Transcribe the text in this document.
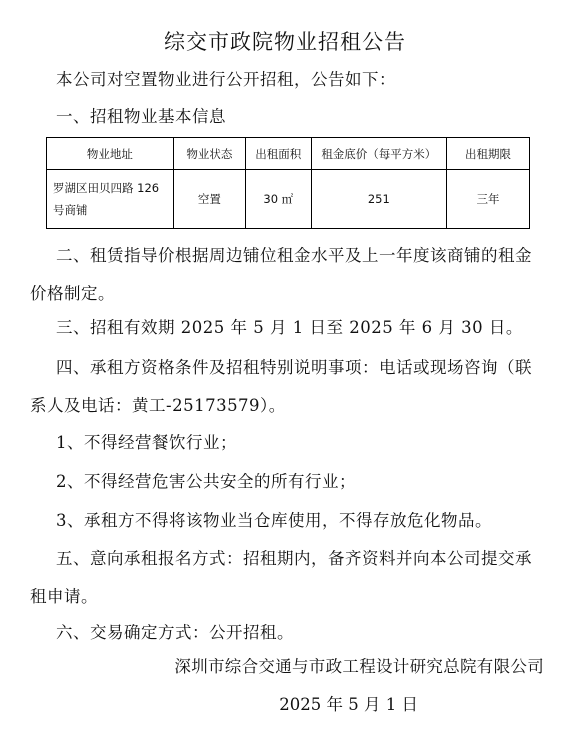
综交市政院物业招租公告
本公司对空置物业进行公开招租，公告如下：
一、招租物业基本信息
物业地址	物业状态	出租面积	租金底价（每平方米）	出租期限
罗湖区田贝四路 126 号商铺	空置	30 ㎡	251	三年
二、租赁指导价根据周边铺位租金水平及上一年度该商铺的租金价格制定。
三、招租有效期 2025 年 5 月 1 日至 2025 年 6 月 30 日。
四、承租方资格条件及招租特别说明事项：电话或现场咨询（联系人及电话：黄工-25173579）。
1、不得经营餐饮行业；
2、不得经营危害公共安全的所有行业；
3、承租方不得将该物业当仓库使用，不得存放危化物品。
五、意向承租报名方式：招租期内，备齐资料并向本公司提交承租申请。
六、交易确定方式：公开招租。
深圳市综合交通与市政工程设计研究总院有限公司
2025 年 5 月 1 日
